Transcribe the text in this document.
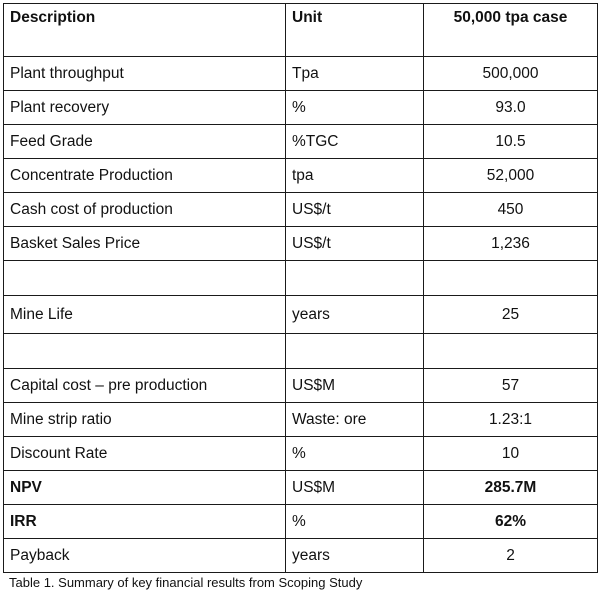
Description	Unit	50,000 tpa case
Plant throughput	Tpa	500,000
Plant recovery	%	93.0
Feed Grade	%TGC	10.5
Concentrate Production	tpa	52,000
Cash cost of production	US$/t	450
Basket Sales Price	US$/t	1,236

Mine Life	years	25

Capital cost – pre production	US$M	57
Mine strip ratio	Waste: ore	1.23:1
Discount Rate	%	10
NPV	US$M	285.7M
IRR	%	62%
Payback	years	2
Table 1. Summary of key financial results from Scoping Study
